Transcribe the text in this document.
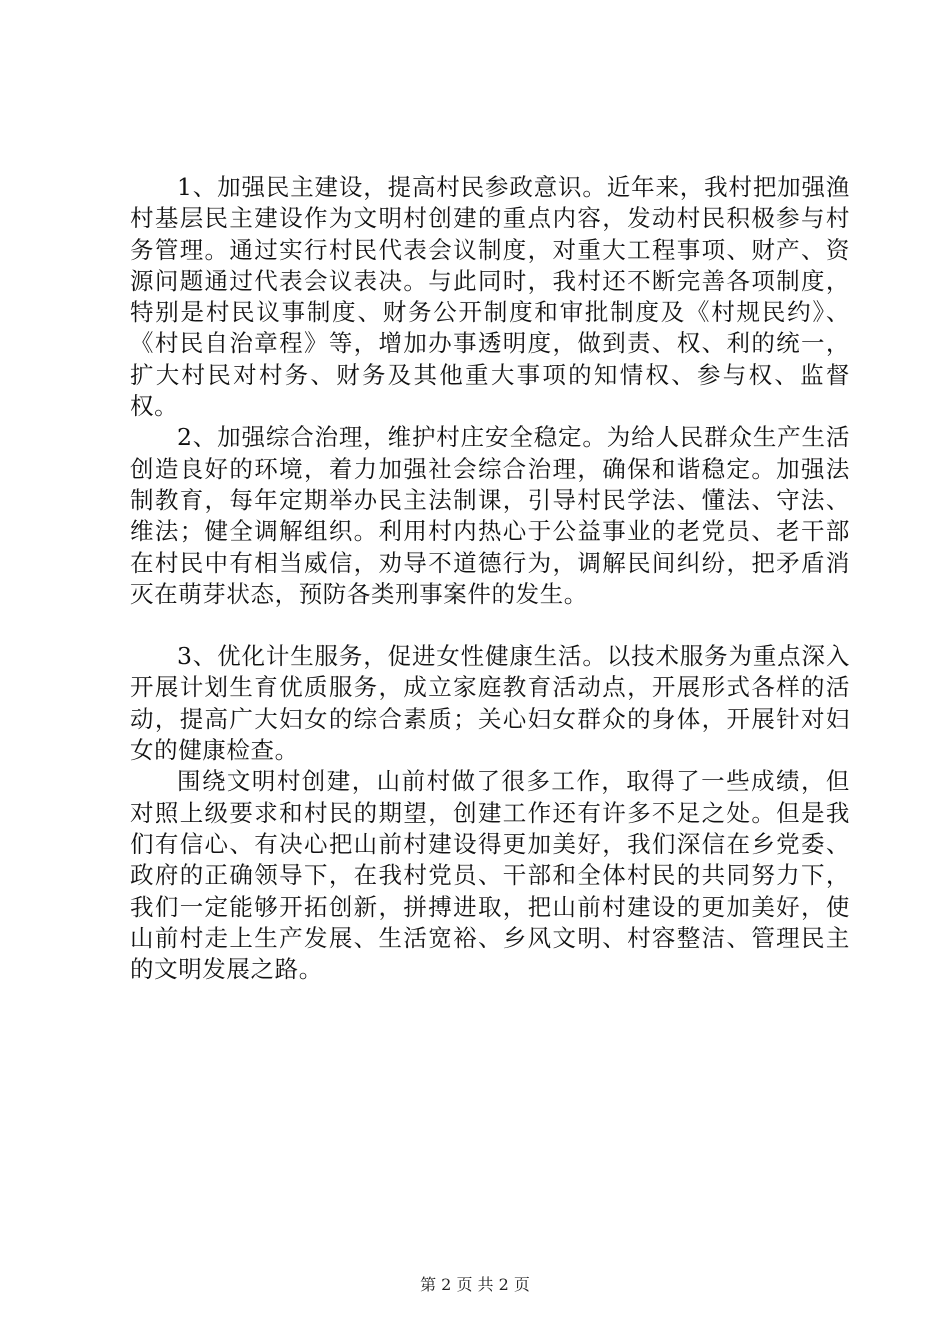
1、加强民主建设，提高村民参政意识。近年来，我村把加强渔村基层民主建设作为文明村创建的重点内容，发动村民积极参与村务管理。通过实行村民代表会议制度，对重大工程事项、财产、资源问题通过代表会议表决。与此同时，我村还不断完善各项制度，特别是村民议事制度、财务公开制度和审批制度及《村规民约》、《村民自治章程》等，增加办事透明度，做到责、权、利的统一，扩大村民对村务、财务及其他重大事项的知情权、参与权、监督权。

2、加强综合治理，维护村庄安全稳定。为给人民群众生产生活创造良好的环境，着力加强社会综合治理，确保和谐稳定。加强法制教育，每年定期举办民主法制课，引导村民学法、懂法、守法、维法；健全调解组织。利用村内热心于公益事业的老党员、老干部在村民中有相当威信，劝导不道德行为，调解民间纠纷，把矛盾消灭在萌芽状态，预防各类刑事案件的发生。

3、优化计生服务，促进女性健康生活。以技术服务为重点深入开展计划生育优质服务，成立家庭教育活动点，开展形式各样的活动，提高广大妇女的综合素质；关心妇女群众的身体，开展针对妇女的健康检查。

围绕文明村创建，山前村做了很多工作，取得了一些成绩，但对照上级要求和村民的期望，创建工作还有许多不足之处。但是我们有信心、有决心把山前村建设得更加美好，我们深信在乡党委、政府的正确领导下，在我村党员、干部和全体村民的共同努力下，我们一定能够开拓创新，拼搏进取，把山前村建设的更加美好，使山前村走上生产发展、生活宽裕、乡风文明、村容整洁、管理民主的文明发展之路。

第 2 页 共 2 页
